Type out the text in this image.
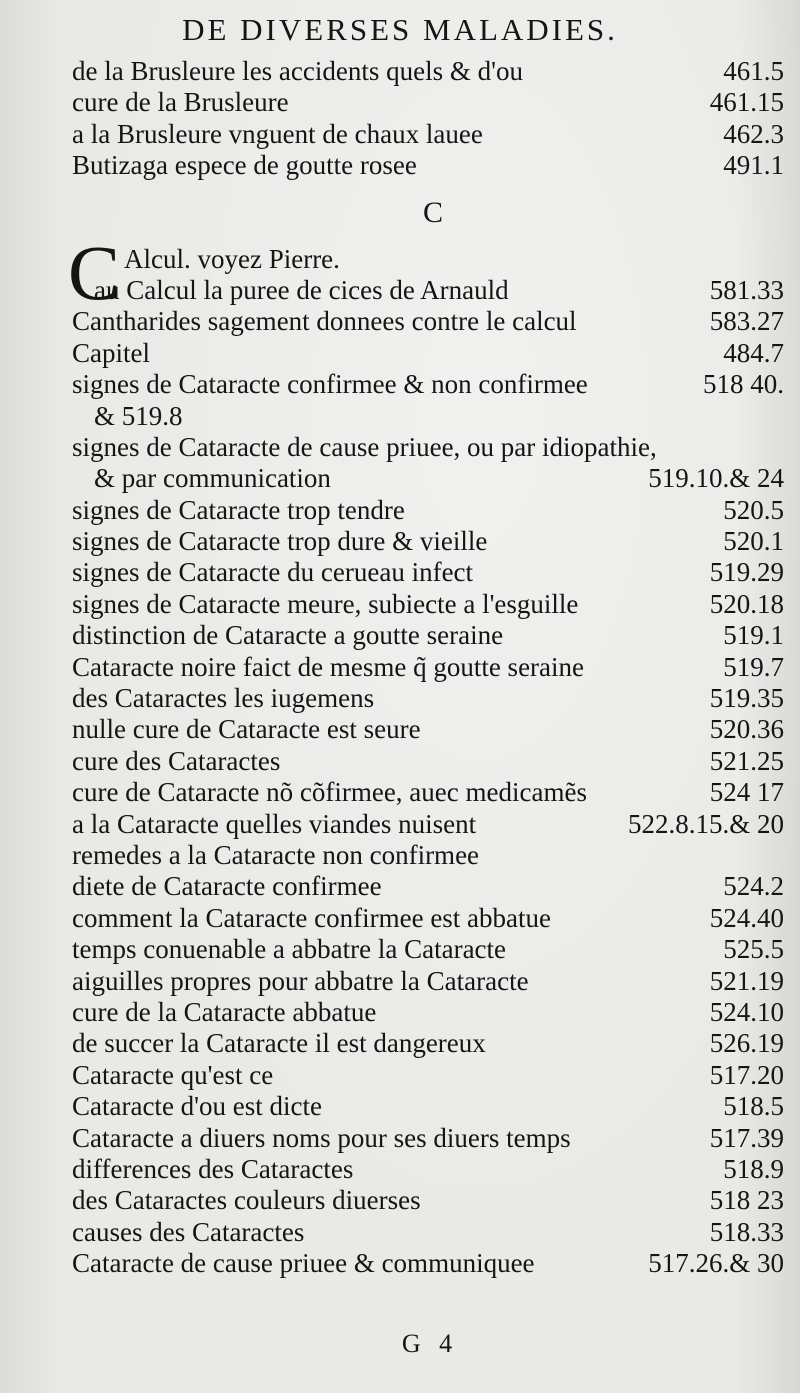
DE DIVERSES MALADIES.
de la Brusleure les accidents quels & d'ou	461.5
cure de la Brusleure	461.15
a la Brusleure vnguent de chaux lauee	462.3
Butizaga espece de goutte rosee	491.1
C
C Alcul. voyez Pierre.
au Calcul la puree de cices de Arnauld	581.33
Cantharides sagement donnees contre le calcul	583.27
Capitel	484.7
signes de Cataracte confirmee & non confirmee	518 40.
& 519.8
signes de Cataracte de cause priuee, ou par idiopathie,
& par communication	519.10.& 24
signes de Cataracte trop tendre	520.5
signes de Cataracte trop dure & vieille	520.1
signes de Cataracte du cerueau infect	519.29
signes de Cataracte meure, subiecte a l'esguille	520.18
distinction de Cataracte a goutte seraine	519.1
Cataracte noire faict de mesme q̃ goutte seraine	519.7
des Cataractes les iugemens	519.35
nulle cure de Cataracte est seure	520.36
cure des Cataractes	521.25
cure de Cataracte nõ cõfirmee, auec medicamẽs	524 17
a la Cataracte quelles viandes nuisent	522.8.15.& 20
remedes a la Cataracte non confirmee
diete de Cataracte confirmee	524.2
comment la Cataracte confirmee est abbatue	524.40
temps conuenable a abbatre la Cataracte	525.5
aiguilles propres pour abbatre la Cataracte	521.19
cure de la Cataracte abbatue	524.10
de succer la Cataracte il est dangereux	526.19
Cataracte qu'est ce	517.20
Cataracte d'ou est dicte	518.5
Cataracte a diuers noms pour ses diuers temps	517.39
differences des Cataractes	518.9
des Cataractes couleurs diuerses	518 23
causes des Cataractes	518.33
Cataracte de cause priuee & communiquee	517.26.& 30
G 4
